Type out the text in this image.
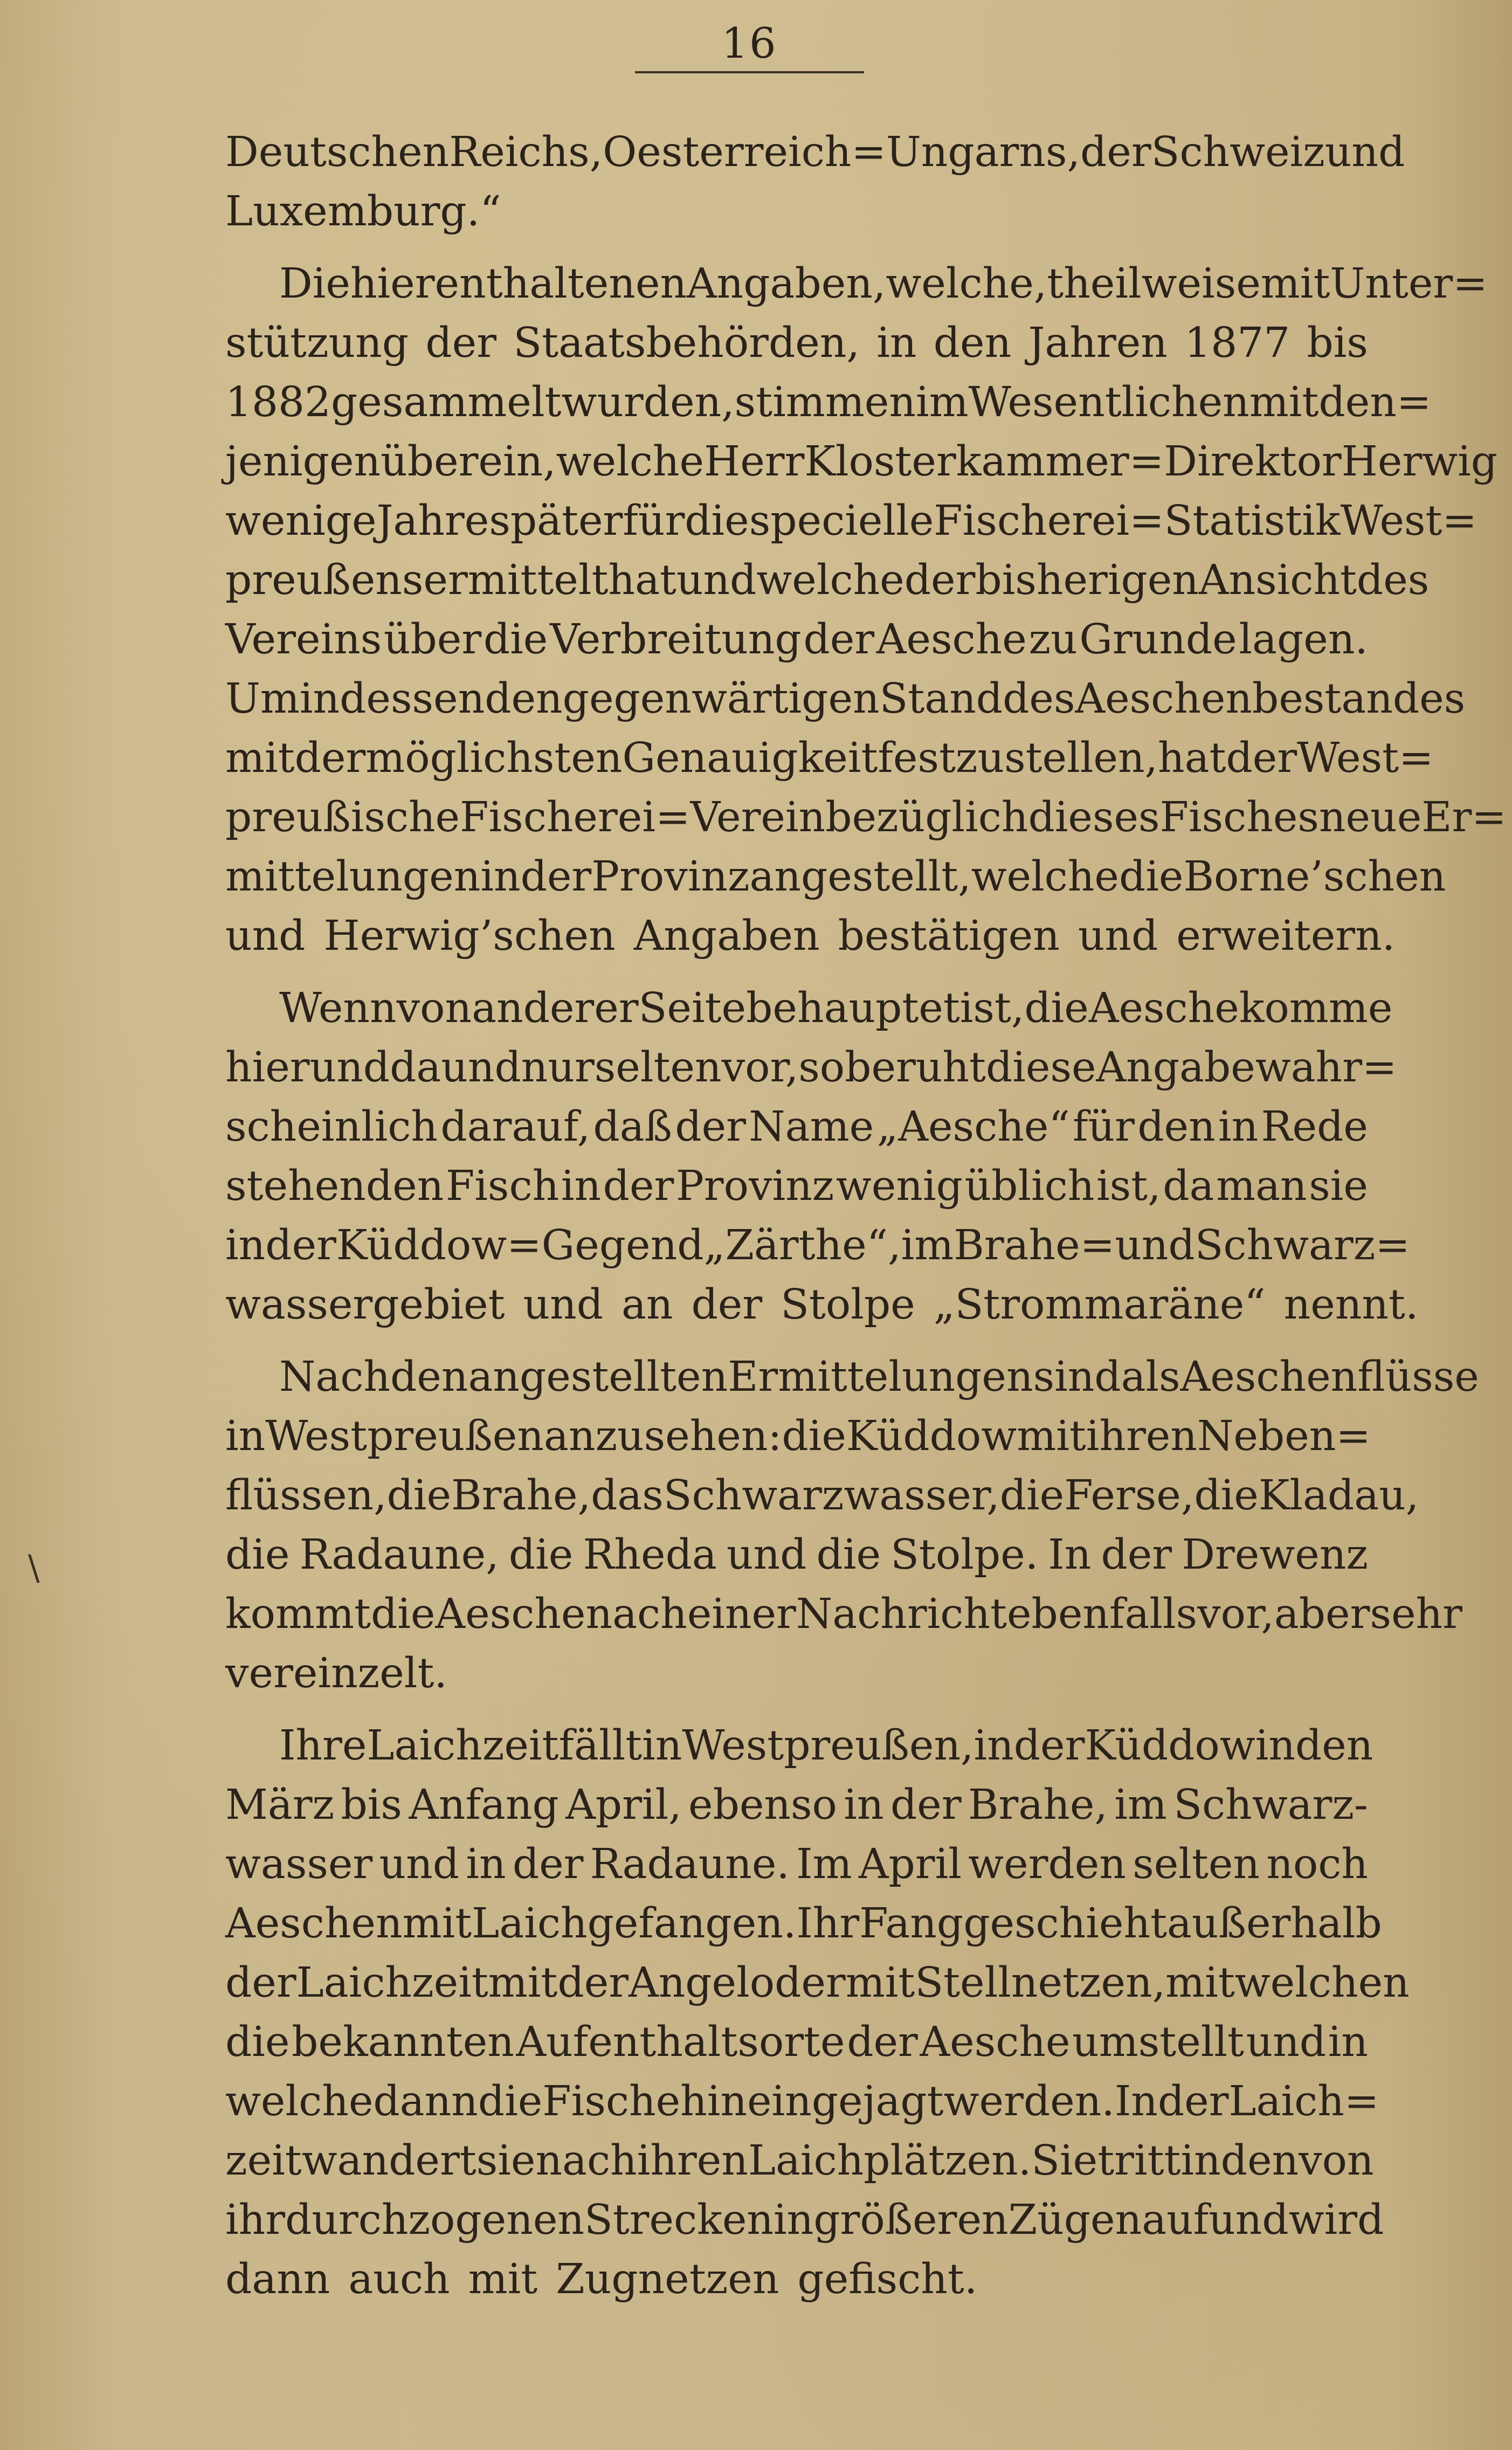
16
\
Deutschen Reichs, Oesterreich=Ungarns, der Schweiz und
Luxemburg.“
Die hier enthaltenen Angaben, welche, theilweise mit Unter=
stützung der Staatsbehörden, in den Jahren 1877 bis
1882 gesammelt wurden, stimmen im Wesentlichen mit den=
jenigen überein, welche Herr Klosterkammer=Direktor Herwig
wenige Jahre später für die specielle Fischerei=Statistik West=
preußens ermittelt hat und welche der bisherigen Ansicht des
Vereins über die Verbreitung der Aesche zu Grunde lagen.
Um indessen den gegenwärtigen Stand des Aeschenbestandes
mit der möglichsten Genauigkeit festzustellen, hat der West=
preußische Fischerei=Verein bezüglich dieses Fisches neue Er=
mittelungen in der Provinz angestellt, welche die Borne’schen
und Herwig’schen Angaben bestätigen und erweitern.
Wenn von anderer Seite behauptet ist, die Aesche komme
hier und da und nur selten vor, so beruht diese Angabe wahr=
scheinlich darauf, daß der Name „Aesche“ für den in Rede
stehenden Fisch in der Provinz wenig üblich ist, da man sie
in der Küddow=Gegend „Zärthe“, im Brahe= und Schwarz=
wassergebiet und an der Stolpe „Strommaräne“ nennt.
Nach den angestellten Ermittelungen sind als Aeschenflüsse
in Westpreußen anzusehen: die Küddow mit ihren Neben=
flüssen, die Brahe, das Schwarzwasser, die Ferse, die Kladau,
die Radaune, die Rheda und die Stolpe. In der Drewenz
kommt die Aesche nach einer Nachricht ebenfalls vor, aber sehr
vereinzelt.
Ihre Laichzeit fällt in Westpreußen, in der Küddow in den
März bis Anfang April, ebenso in der Brahe, im Schwarz-
wasser und in der Radaune. Im April werden selten noch
Aeschen mit Laich gefangen. Ihr Fang geschieht außerhalb
der Laichzeit mit der Angel oder mit Stellnetzen, mit welchen
die bekannten Aufenthaltsorte der Aesche umstellt und in
welche dann die Fische hineingejagt werden. In der Laich=
zeit wandert sie nach ihren Laichplätzen. Sie tritt in den von
ihr durchzogenen Strecken in größeren Zügen auf und wird
dann auch mit Zugnetzen gefischt.
